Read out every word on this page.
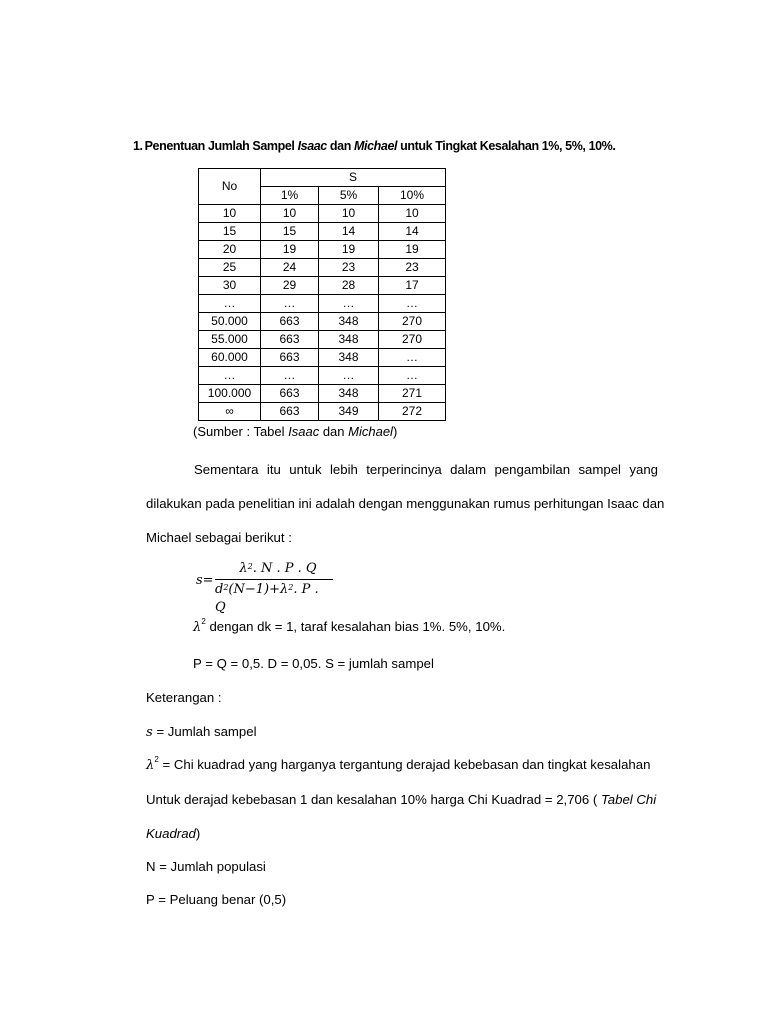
1. Penentuan Jumlah Sampel Isaac dan Michael untuk Tingkat Kesalahan 1%, 5%, 10%.
No	S		
	1%	5%	10%
10	10	10	10
15	15	14	14
20	19	19	19
25	24	23	23
30	29	28	17
…	…	…	…
50.000	663	348	270
55.000	663	348	270
60.000	663	348	…
…	…	…	…
100.000	663	348	271
∞	663	349	272
(Sumber : Tabel Isaac dan Michael)
Sementara itu untuk lebih terperincinya dalam pengambilan sampel yang
dilakukan pada penelitian ini adalah dengan menggunakan rumus perhitungan Isaac dan
Michael sebagai berikut :
s=
$\lambda^2$. N . P . Q
$d^2(N-1)+\lambda^2$. P . Q
$\lambda^2$ dengan dk = 1, taraf kesalahan bias 1%. 5%, 10%.
P = Q = 0,5. D = 0,05. S = jumlah sampel
Keterangan :
s = Jumlah sampel
$\lambda^2$ = Chi kuadrad yang harganya tergantung derajad kebebasan dan tingkat kesalahan
Untuk derajad kebebasan 1 dan kesalahan 10% harga Chi Kuadrad = 2,706 ( Tabel Chi
Kuadrad)
N = Jumlah populasi
P = Peluang benar (0,5)
